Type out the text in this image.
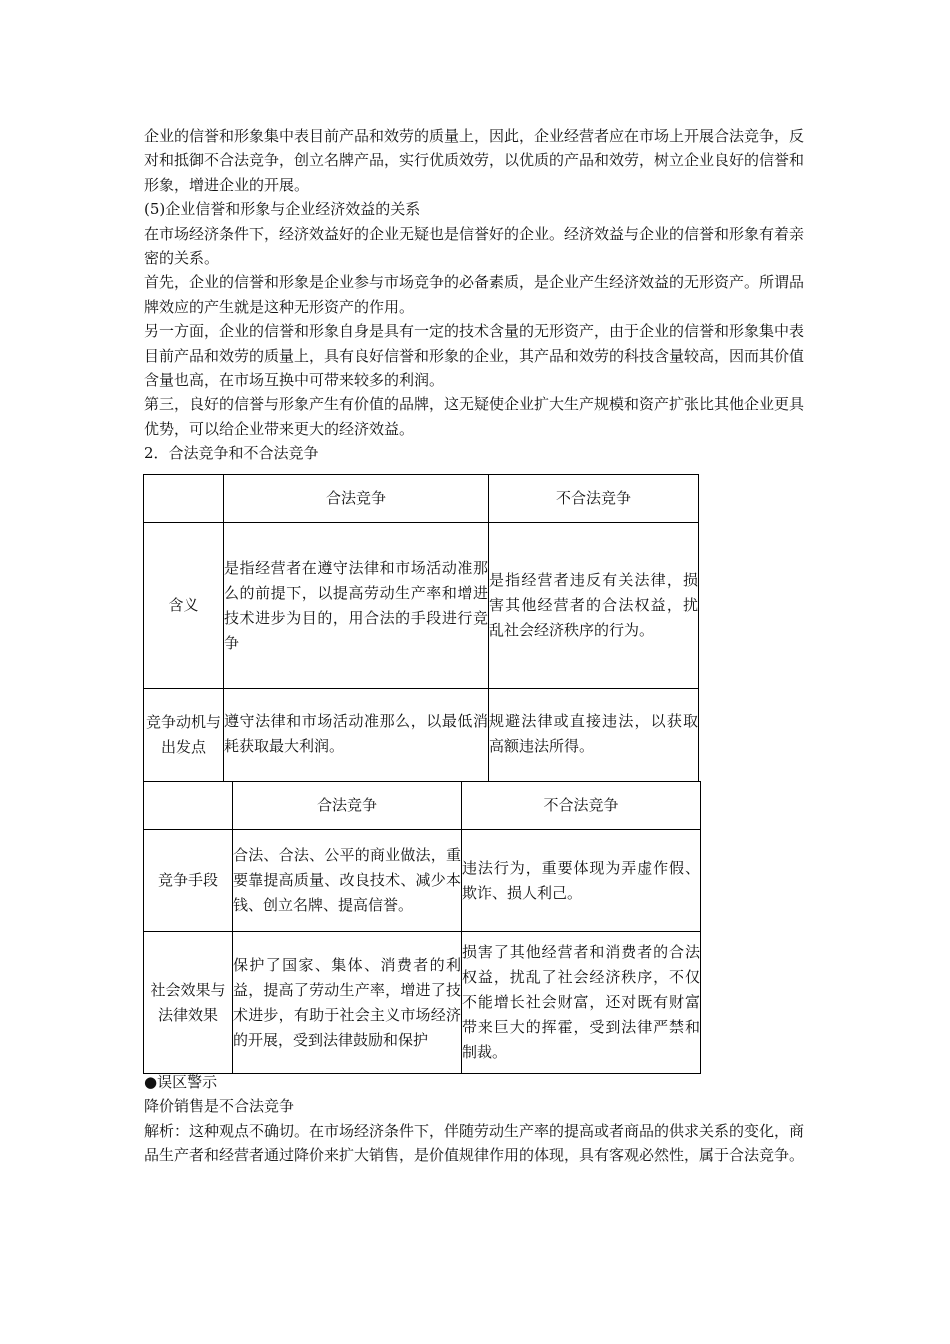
企业的信誉和形象集中表目前产品和效劳的质量上，因此，企业经营者应在市场上开展合法竞争，反对和抵御不合法竞争，创立名牌产品，实行优质效劳，以优质的产品和效劳，树立企业良好的信誉和形象，增进企业的开展。

(5)企业信誉和形象与企业经济效益的关系

在市场经济条件下，经济效益好的企业无疑也是信誉好的企业。经济效益与企业的信誉和形象有着亲密的关系。

首先，企业的信誉和形象是企业参与市场竞争的必备素质，是企业产生经济效益的无形资产。所谓品牌效应的产生就是这种无形资产的作用。

另一方面，企业的信誉和形象自身是具有一定的技术含量的无形资产，由于企业的信誉和形象集中表目前产品和效劳的质量上，具有良好信誉和形象的企业，其产品和效劳的科技含量较高，因而其价值含量也高，在市场互换中可带来较多的利润。

第三，良好的信誉与形象产生有价值的品牌，这无疑使企业扩大生产规模和资产扩张比其他企业更具优势，可以给企业带来更大的经济效益。

2．合法竞争和不合法竞争

	合法竞争	不合法竞争
含义	是指经营者在遵守法律和市场活动准那么的前提下，以提高劳动生产率和增进技术进步为目的，用合法的手段进行竞争	是指经营者违反有关法律，损害其他经营者的合法权益，扰乱社会经济秩序的行为。
竞争动机与出发点	遵守法律和市场活动准那么，以最低消耗获取最大利润。	规避法律或直接违法，以获取高额违法所得。
	合法竞争	不合法竞争
竞争手段	合法、合法、公平的商业做法，重要靠提高质量、改良技术、减少本钱、创立名牌、提高信誉。	违法行为，重要体现为弄虚作假、欺诈、损人利己。
社会效果与法律效果	保护了国家、集体、消费者的利益，提高了劳动生产率，增进了技术进步，有助于社会主义市场经济的开展，受到法律鼓励和保护	损害了其他经营者和消费者的合法权益，扰乱了社会经济秩序，不仅不能增长社会财富，还对既有财富带来巨大的挥霍，受到法律严禁和制裁。

●误区警示

降价销售是不合法竞争

解析：这种观点不确切。在市场经济条件下，伴随劳动生产率的提高或者商品的供求关系的变化，商品生产者和经营者通过降价来扩大销售，是价值规律作用的体现，具有客观必然性，属于合法竞争。
